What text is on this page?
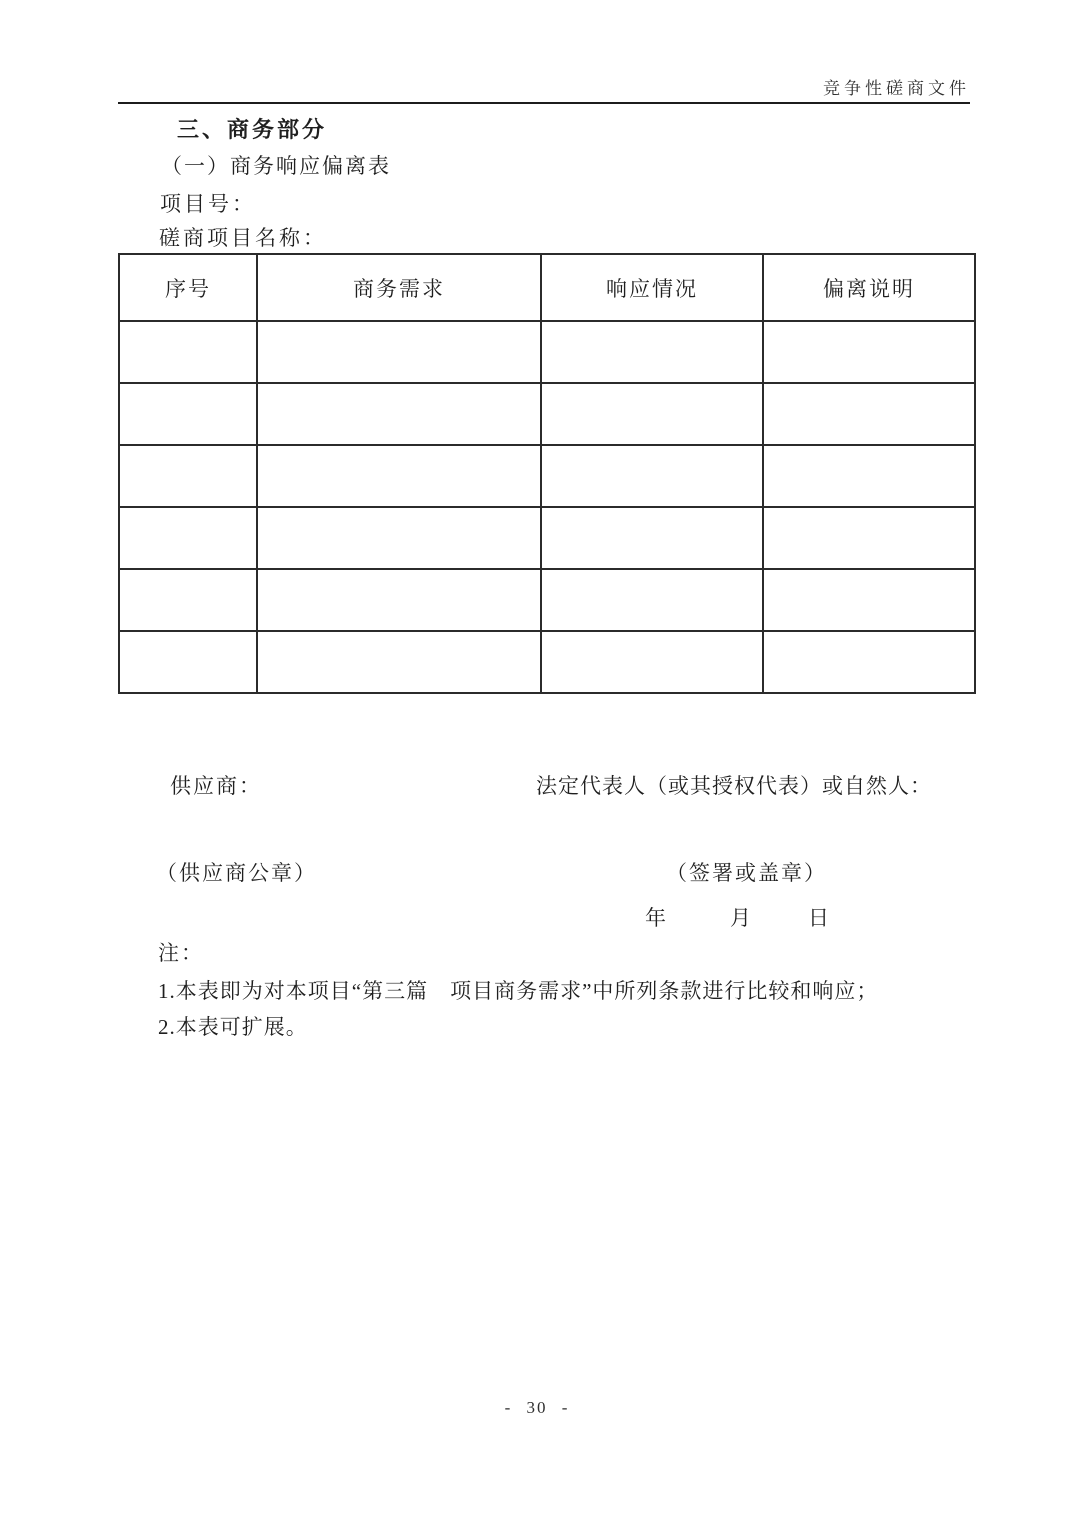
竞争性磋商文件
三、商务部分
（一）商务响应偏离表
项目号：
磋商项目名称：
序号	商务需求	响应情况	偏离说明

供应商：	法定代表人（或其授权代表）或自然人：
（供应商公章）	（签署或盖章）
年	月	日
注：
1.本表即为对本项目“第三篇　项目商务需求”中所列条款进行比较和响应；
2.本表可扩展。
- 30 -
